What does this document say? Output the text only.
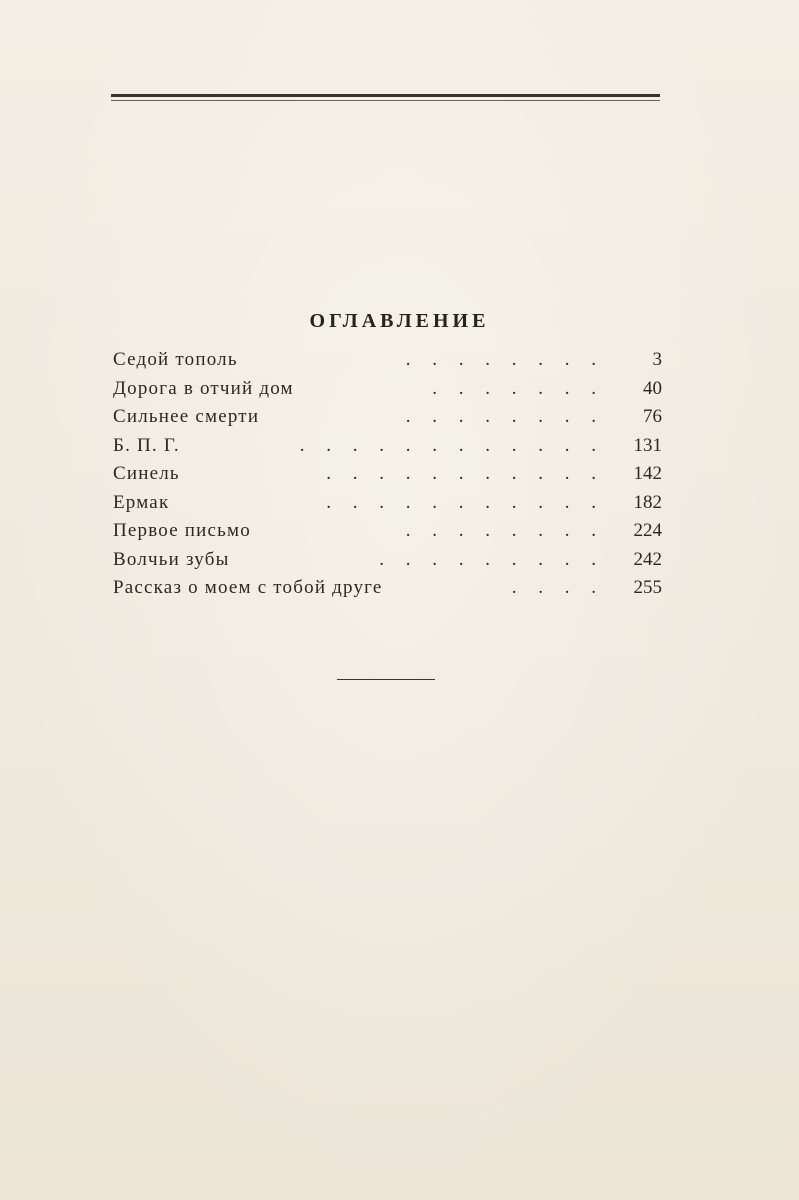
ОГЛАВЛЕНИЕ
Седой тополь	. . . . . . . .	3
Дорога в отчий дом	. . . . . . . 40
Сильнее смерти	. . . . . . . . 76
Б. П. Г.	. . . . . . . . . . . . 131
Синель	. . . . . . . . . . . 142
Ермак	. . . . . . . . . . . 182
Первое письмо	. . . . . . . . 224
Волчьи зубы	. . . . . . . . . 242
Рассказ о моем с тобой друге	. . . . 255
